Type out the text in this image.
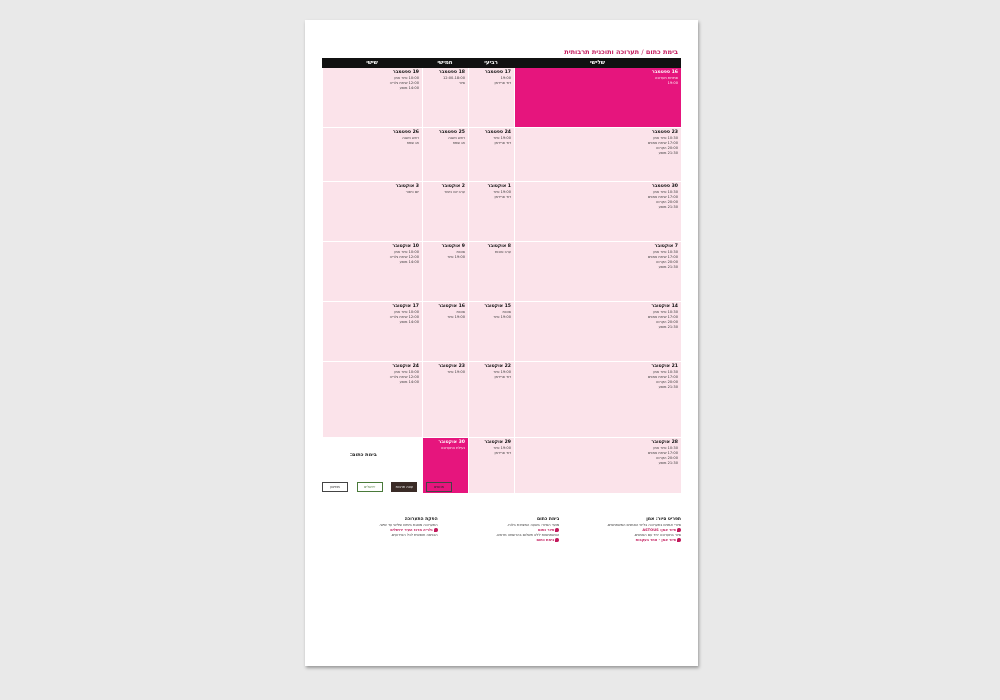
בימת כתום / תערוכה ותוכנית תרבותית
שלישי
רביעי
חמישי
שישי
16 ספטמבר
פתיחת תערוכה
19:00
17 ספטמבר
19:00
דוד פרידמן
18 ספטמבר
12:00-18:00
סיור
19 ספטמבר
10:00 סיור אמן
12:00 שיחת גלריה
14:00 מופע
23 ספטמבר
10:30 סיור אמן
17:00 שיחת אמנים
20:00 הקרנה
21:30 מופע
24 ספטמבר
19:00 סיור
דוד פרידמן
25 ספטמבר
ראש השנה
חג שמח
26 ספטמבר
ראש השנה
חג שמח
30 ספטמבר
10:30 סיור אמן
17:00 שיחת אמנים
20:00 הקרנה
21:30 מופע
1 אוקטובר
19:00 סיור
דוד פרידמן
2 אוקטובר
ערב יום כיפור
3 אוקטובר
יום כיפור
7 אוקטובר
10:30 סיור אמן
17:00 שיחת אמנים
20:00 הקרנה
21:30 מופע
8 אוקטובר
ערב סוכות
9 אוקטובר
סוכות
19:00 סיור
10 אוקטובר
10:00 סיור אמן
12:00 שיחת גלריה
14:00 מופע
14 אוקטובר
10:30 סיור אמן
17:00 שיחת אמנים
20:00 הקרנה
21:30 מופע
15 אוקטובר
סוכות
19:00 סיור
16 אוקטובר
סוכות
19:00 סיור
17 אוקטובר
10:00 סיור אמן
12:00 שיחת גלריה
14:00 מופע
21 אוקטובר
10:30 סיור אמן
17:00 שיחת אמנים
20:00 הקרנה
21:30 מופע
22 אוקטובר
19:00 סיור
דוד פרידמן
23 אוקטובר
19:00 סיור
24 אוקטובר
10:00 סיור אמן
12:00 שיחת גלריה
14:00 מופע
28 אוקטובר
10:30 סיור אמן
17:00 שיחת אמנים
20:00 הקרנה
21:30 מופע
29 אוקטובר
19:00 סיור
דוד פרידמן
30 אוקטובר
נעילת התערוכה
בימת כתום:
מוזיאון	ירושלים	עונה תרבות	מנופים
תפריט סיור: אמן
סיורי אמנים בתערוכה בליווי האמנים המשתתפים.
סיור אמן: ASTOUS
סיור בתערוכה יחד עם האמנים.
סיור אמן - אחר בעקבות
בימת כתום
מועד הסיור: בשעה המצוינת בלוח.
סיור כתום
ההשתתפות ללא תשלום בהרשמה מראש.
בימת כתום
הפקת התערוכה
התערוכה מוצגת בימים שלישי עד שישי.
גלריה מרכז העיר ירושלים
הכניסה חופשית לכל האירועים.
